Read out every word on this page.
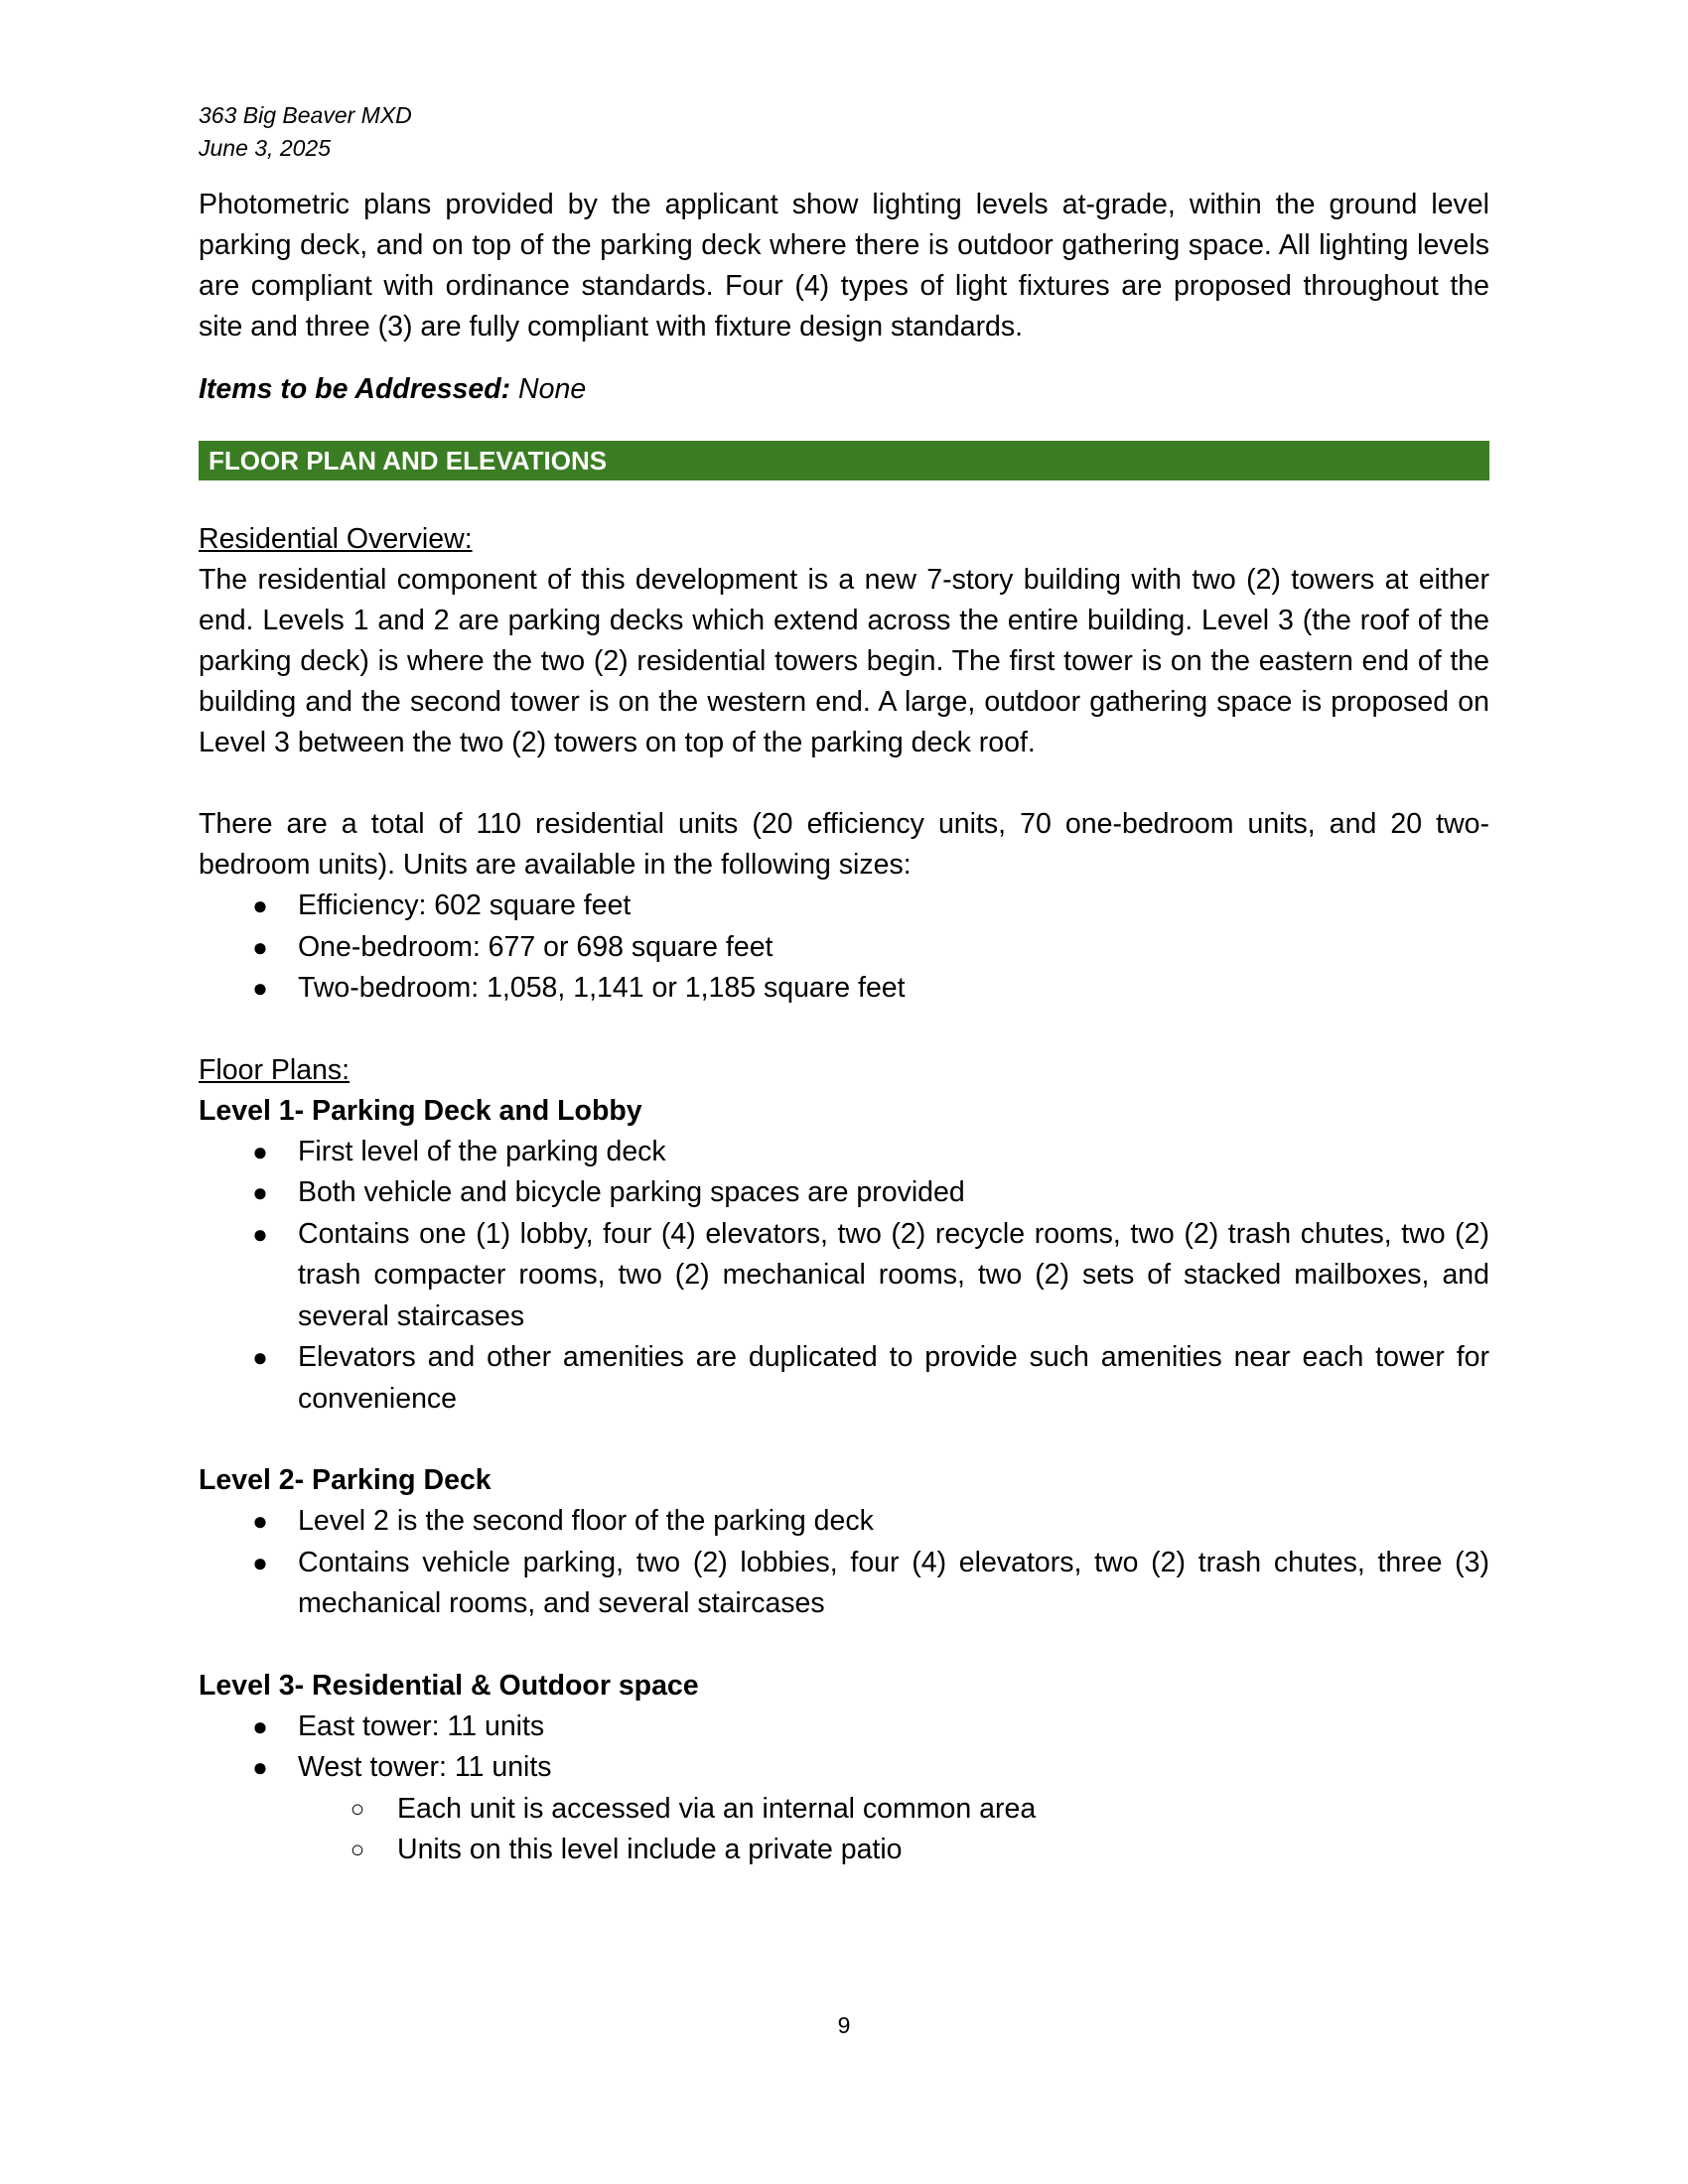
363 Big Beaver MXD
June 3, 2025

Photometric plans provided by the applicant show lighting levels at-grade, within the ground level parking deck, and on top of the parking deck where there is outdoor gathering space. All lighting levels are compliant with ordinance standards. Four (4) types of light fixtures are proposed throughout the site and three (3) are fully compliant with fixture design standards.

Items to be Addressed: None
FLOOR PLAN AND ELEVATIONS
Residential Overview:

The residential component of this development is a new 7-story building with two (2) towers at either end. Levels 1 and 2 are parking decks which extend across the entire building. Level 3 (the roof of the parking deck) is where the two (2) residential towers begin. The first tower is on the eastern end of the building and the second tower is on the western end. A large, outdoor gathering space is proposed on Level 3 between the two (2) towers on top of the parking deck roof.

There are a total of 110 residential units (20 efficiency units, 70 one-bedroom units, and 20 two-bedroom units). Units are available in the following sizes:

● Efficiency: 602 square feet
● One-bedroom: 677 or 698 square feet
● Two-bedroom: 1,058, 1,141 or 1,185 square feet
Floor Plans:
Level 1- Parking Deck and Lobby
● First level of the parking deck
● Both vehicle and bicycle parking spaces are provided
● Contains one (1) lobby, four (4) elevators, two (2) recycle rooms, two (2) trash chutes, two (2) trash compacter rooms, two (2) mechanical rooms, two (2) sets of stacked mailboxes, and several staircases
● Elevators and other amenities are duplicated to provide such amenities near each tower for convenience
Level 2- Parking Deck
● Level 2 is the second floor of the parking deck
● Contains vehicle parking, two (2) lobbies, four (4) elevators, two (2) trash chutes, three (3) mechanical rooms, and several staircases
Level 3- Residential & Outdoor space
● East tower: 11 units
● West tower: 11 units
○ Each unit is accessed via an internal common area
○ Units on this level include a private patio
9
